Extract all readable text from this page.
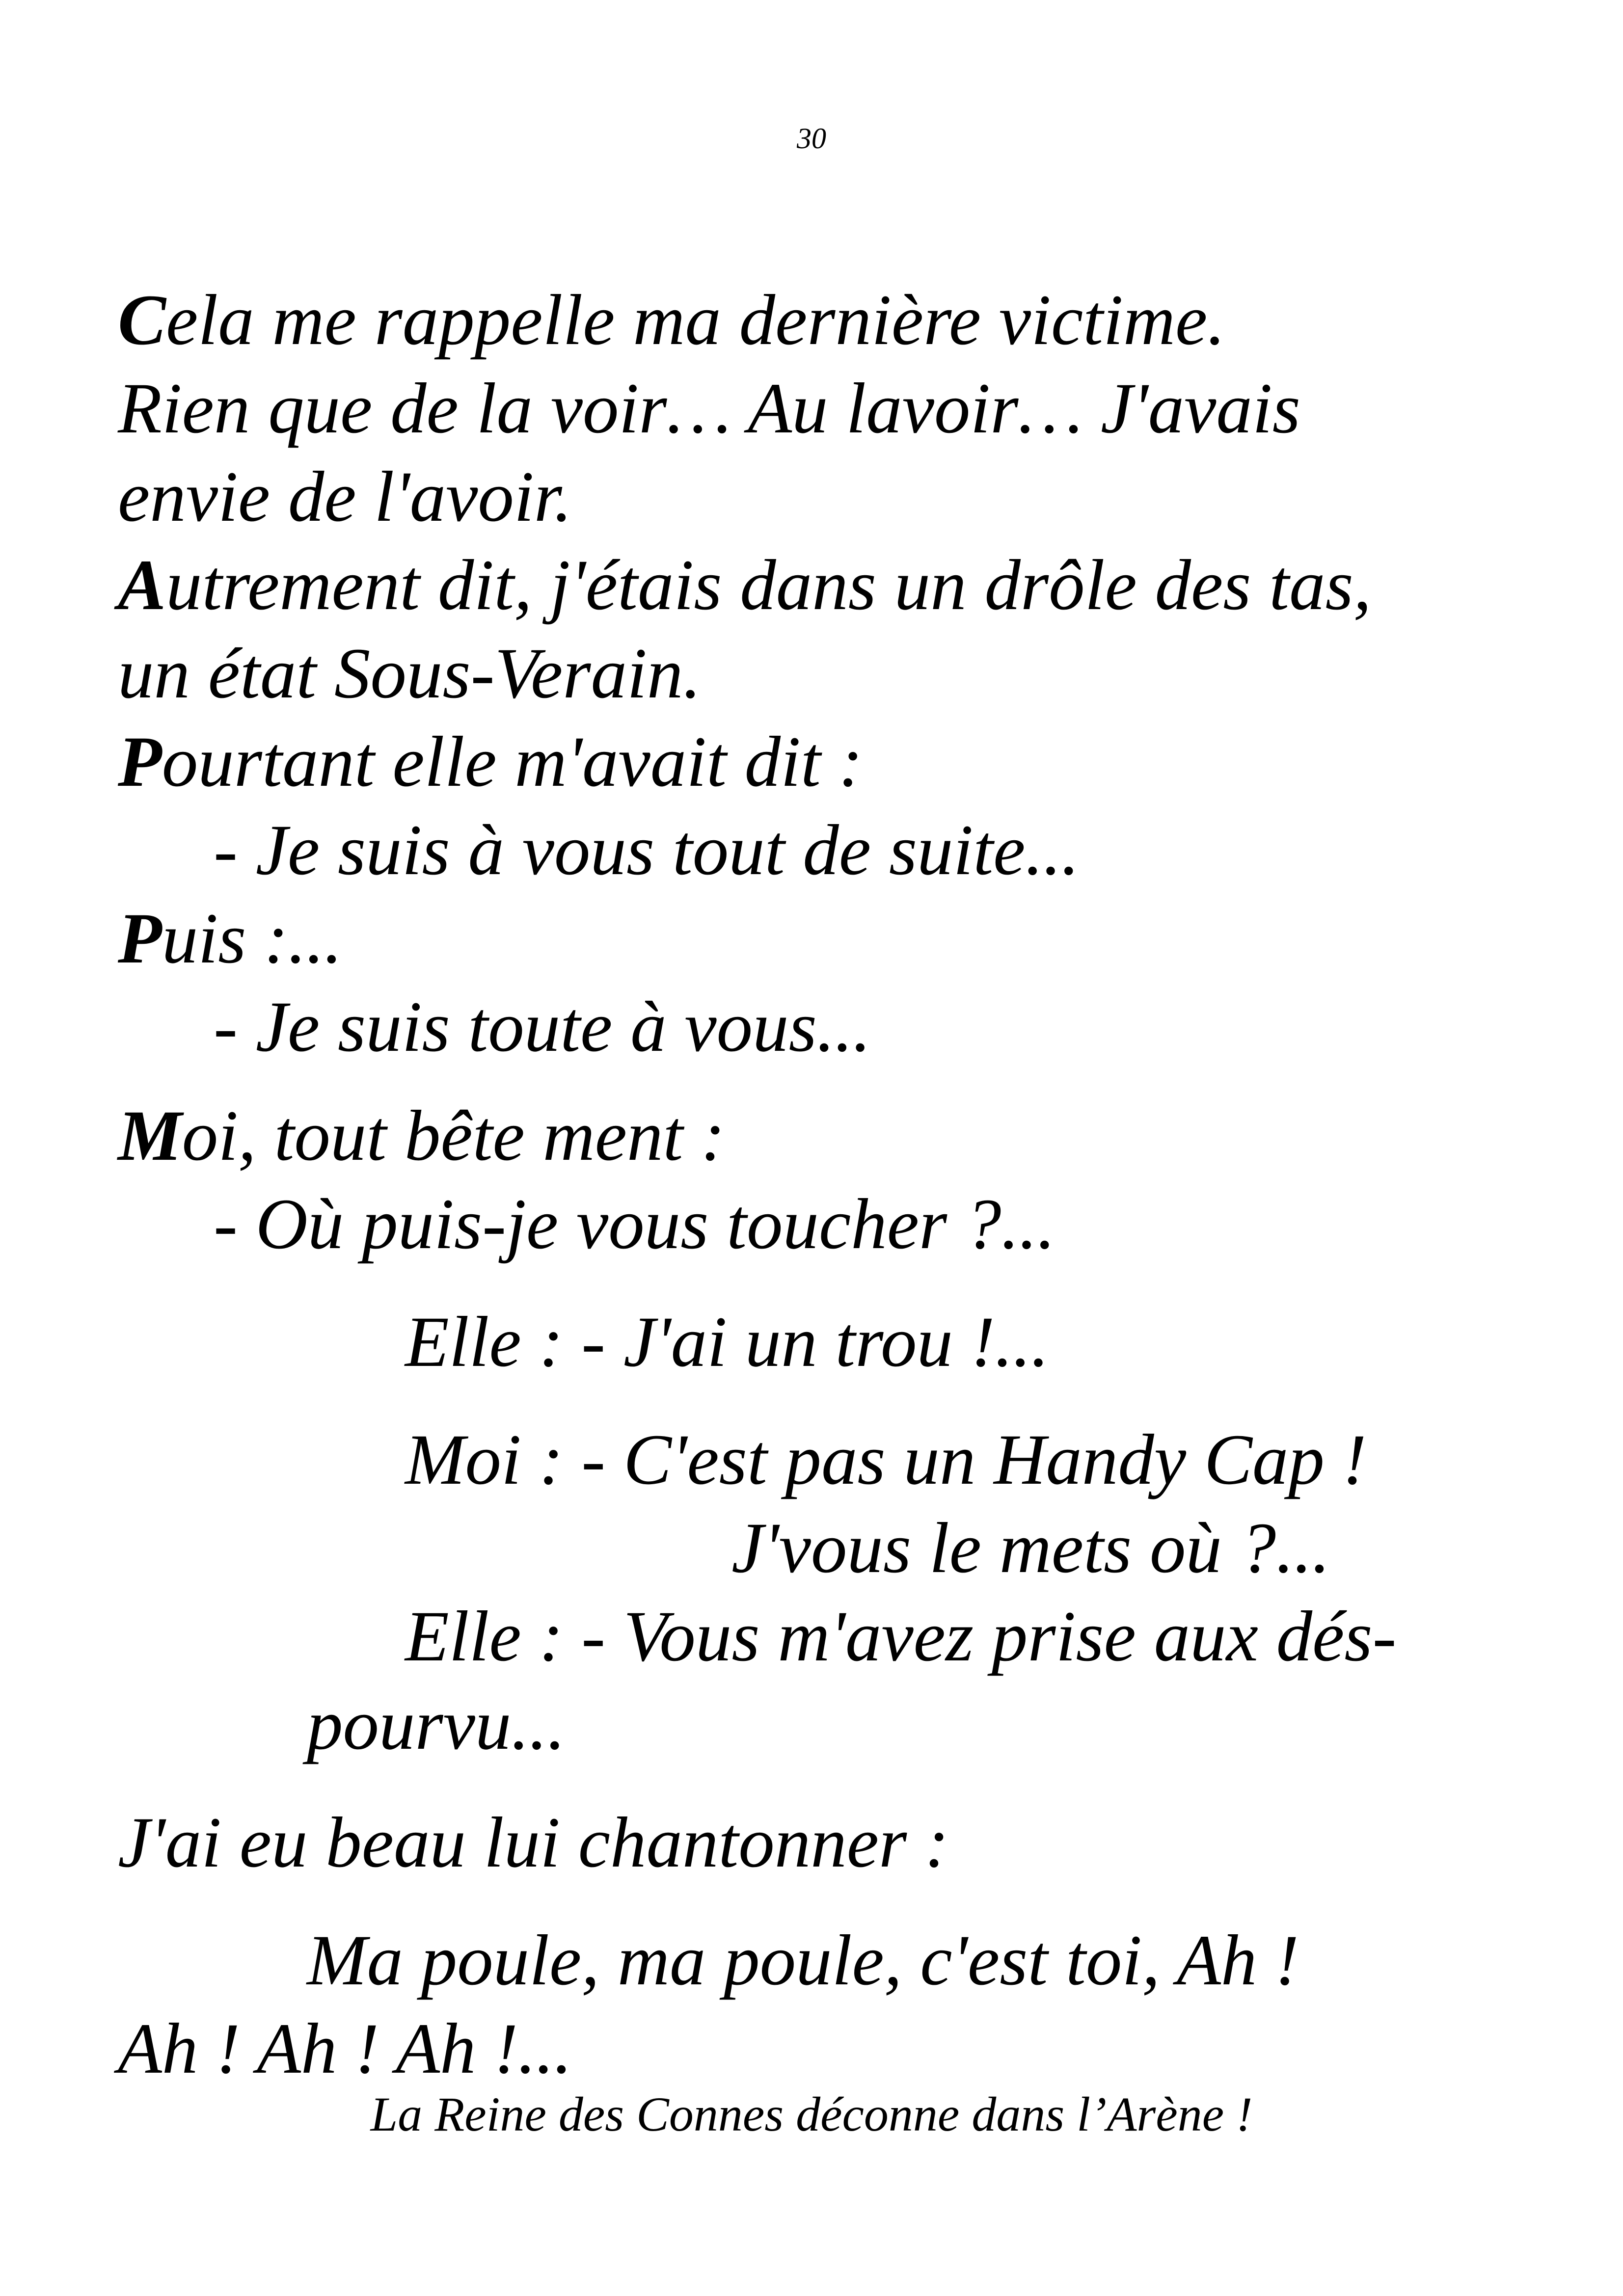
30
Cela me rappelle ma dernière victime.
Rien que de la voir… Au lavoir… J'avais
envie de l'avoir.
Autrement dit, j'étais dans un drôle des tas,
un état Sous-Verain.
Pourtant elle m'avait dit :
- Je suis à vous tout de suite...
Puis :...
- Je suis toute à vous...
Moi, tout bête ment :
- Où puis-je vous toucher ?...
Elle : - J'ai un trou !...
Moi : - C'est pas un Handy Cap !
J'vous le mets où ?...
Elle : - Vous m'avez prise aux dés-
pourvu...
J'ai eu beau lui chantonner :
Ma poule, ma poule, c'est toi, Ah !
Ah ! Ah ! Ah !...
La Reine des Connes déconne dans l’Arène !
